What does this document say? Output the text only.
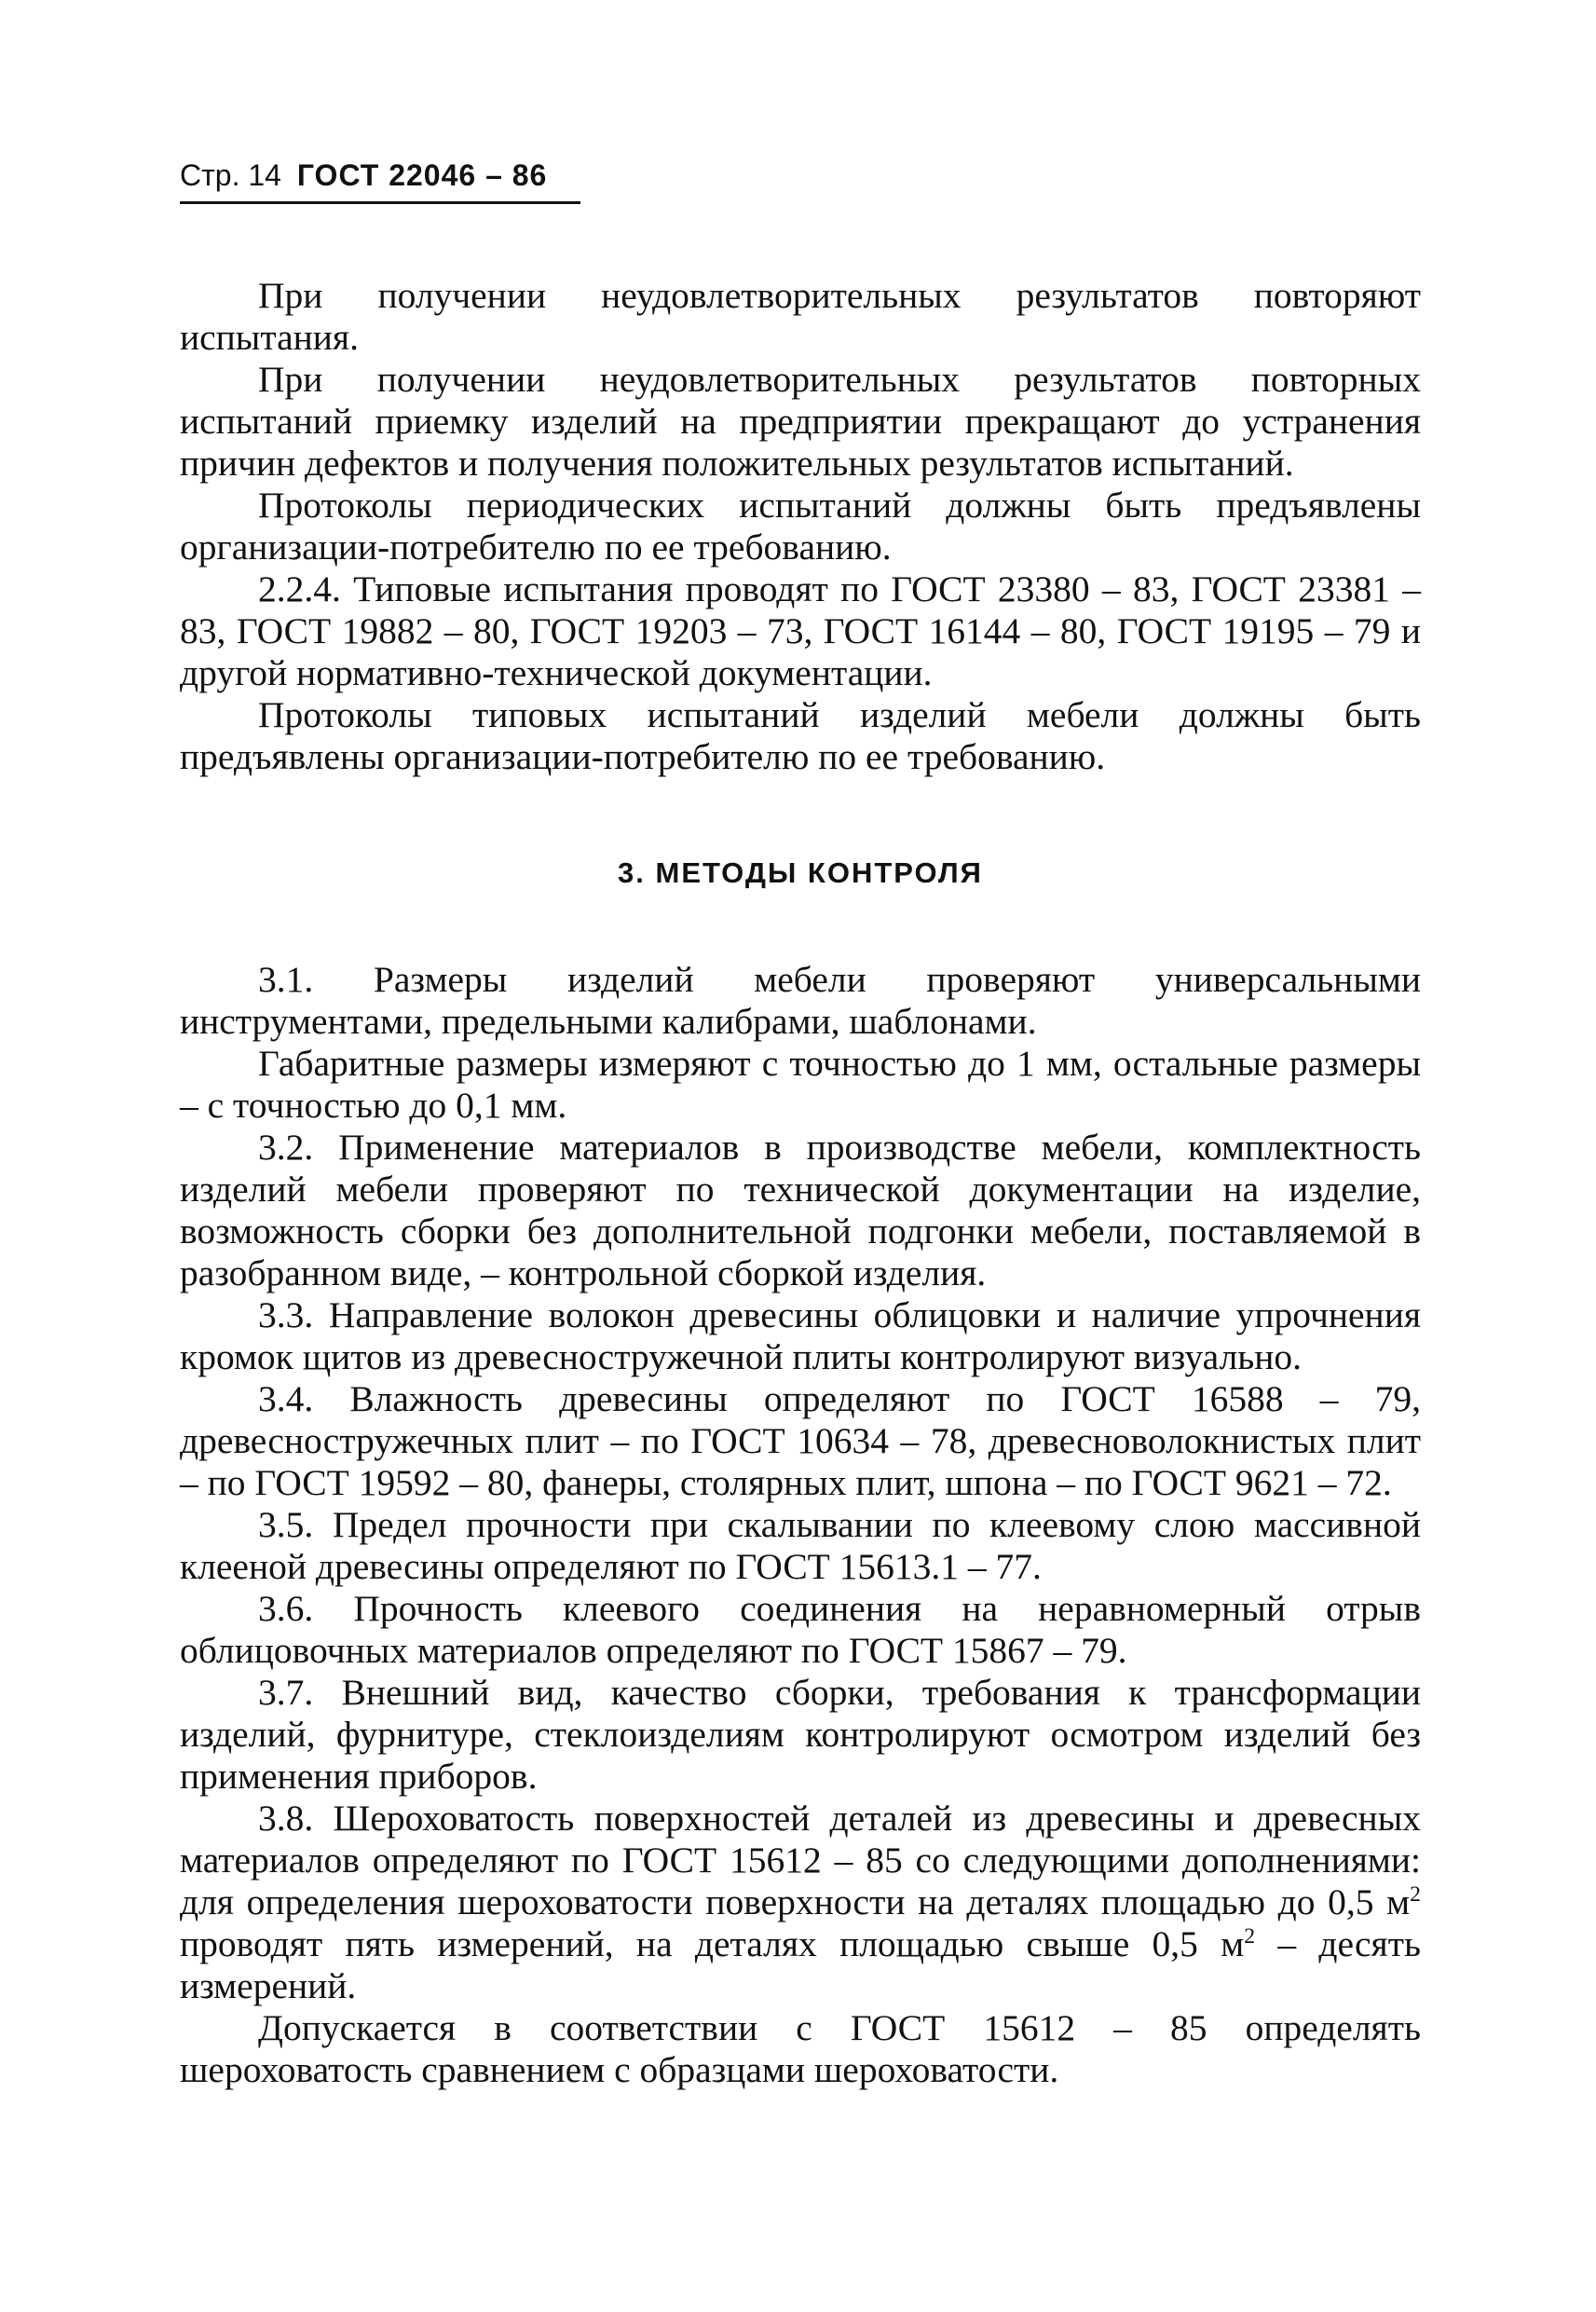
Стр. 14 ГОСТ 22046 – 86

При получении неудовлетворительных результатов повторяют испытания.

При получении неудовлетворительных результатов повторных испытаний приемку изделий на предприятии прекращают до устранения причин дефектов и получения положительных результатов испытаний.

Протоколы периодических испытаний должны быть предъявлены организации-потребителю по ее требованию.

2.2.4. Типовые испытания проводят по ГОСТ 23380 – 83, ГОСТ 23381 – 83, ГОСТ 19882 – 80, ГОСТ 19203 – 73, ГОСТ 16144 – 80, ГОСТ 19195 – 79 и другой нормативно-технической документации.

Протоколы типовых испытаний изделий мебели должны быть предъявлены организации-потребителю по ее требованию.

3. МЕТОДЫ КОНТРОЛЯ

3.1. Размеры изделий мебели проверяют универсальными инструментами, предельными калибрами, шаблонами.

Габаритные размеры измеряют с точностью до 1 мм, остальные размеры – с точностью до 0,1 мм.

3.2. Применение материалов в производстве мебели, комплектность изделий мебели проверяют по технической документации на изделие, возможность сборки без дополнительной подгонки мебели, поставляемой в разобранном виде, – контрольной сборкой изделия.

3.3. Направление волокон древесины облицовки и наличие упрочнения кромок щитов из древесностружечной плиты контролируют визуально.

3.4. Влажность древесины определяют по ГОСТ 16588 – 79, древесностружечных плит – по ГОСТ 10634 – 78, древесноволокнистых плит – по ГОСТ 19592 – 80, фанеры, столярных плит, шпона – по ГОСТ 9621 – 72.

3.5. Предел прочности при скалывании по клеевому слою массивной клееной древесины определяют по ГОСТ 15613.1 – 77.

3.6. Прочность клеевого соединения на неравномерный отрыв облицовочных материалов определяют по ГОСТ 15867 – 79.

3.7. Внешний вид, качество сборки, требования к трансформации изделий, фурнитуре, стеклоизделиям контролируют осмотром изделий без применения приборов.

3.8. Шероховатость поверхностей деталей из древесины и древесных материалов определяют по ГОСТ 15612 – 85 со следующими дополнениями: для определения шероховатости поверхности на деталях площадью до 0,5 $м^2$ проводят пять измерений, на деталях площадью свыше 0,5 $м^2$ – десять измерений.

Допускается в соответствии с ГОСТ 15612 – 85 определять шероховатость сравнением с образцами шероховатости.
